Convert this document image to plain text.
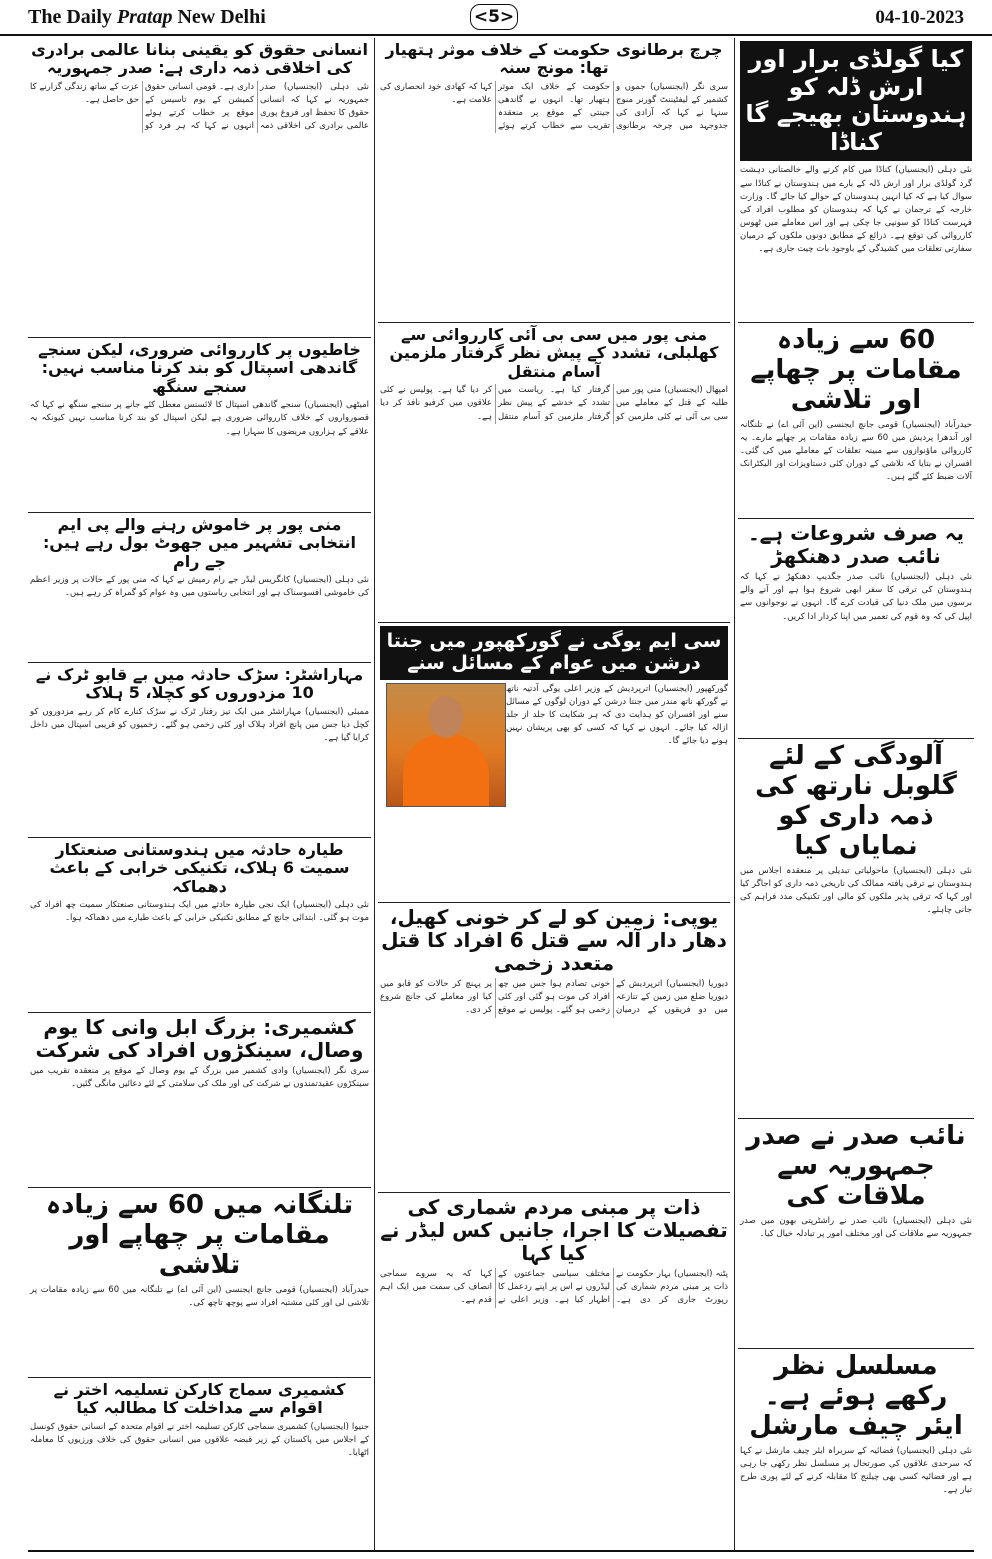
The Daily Pratap New Delhi	<5>	04-10-2023
کیا گولڈی برار اور ارش ڈلہ کو ہندوستان بھیجے گا کناڈا
نئی دہلی (ایجنسیاں) کناڈا میں کام کرنے والے خالصتانی دہشت گرد گولڈی برار اور ارش ڈلہ کے بارے میں ہندوستان نے کناڈا سے سوال کیا ہے کہ کیا انہیں ہندوستان کے حوالے کیا جائے گا۔ وزارت خارجہ کے ترجمان نے کہا کہ ہندوستان کو مطلوب افراد کی فہرست کناڈا کو سونپی جا چکی ہے اور اس معاملے میں ٹھوس کارروائی کی توقع ہے۔ ذرائع کے مطابق دونوں ملکوں کے درمیان سفارتی تعلقات میں کشیدگی کے باوجود بات چیت جاری ہے۔
60 سے زیادہ مقامات پر چھاپے اور تلاشی
حیدرآباد (ایجنسیاں) قومی جانچ ایجنسی (این آئی اے) نے تلنگانہ اور آندھرا پردیش میں 60 سے زیادہ مقامات پر چھاپے مارے۔ یہ کارروائی ماؤنوازوں سے مبینہ تعلقات کے معاملے میں کی گئی۔ افسران نے بتایا کہ تلاشی کے دوران کئی دستاویزات اور الیکٹرانک آلات ضبط کئے گئے ہیں۔
یہ صرف شروعات ہے۔ نائب صدر دھنکھڑ
نئی دہلی (ایجنسیاں) نائب صدر جگدیپ دھنکھڑ نے کہا کہ ہندوستان کی ترقی کا سفر ابھی شروع ہوا ہے اور آنے والے برسوں میں ملک دنیا کی قیادت کرے گا۔ انہوں نے نوجوانوں سے اپیل کی کہ وہ قوم کی تعمیر میں اپنا کردار ادا کریں۔
آلودگی کے لئے گلوبل نارتھ کی ذمہ داری کو نمایاں کیا
نئی دہلی (ایجنسیاں) ماحولیاتی تبدیلی پر منعقدہ اجلاس میں ہندوستان نے ترقی یافتہ ممالک کی تاریخی ذمہ داری کو اجاگر کیا اور کہا کہ ترقی پذیر ملکوں کو مالی اور تکنیکی مدد فراہم کی جانی چاہئے۔
نائب صدر نے صدر جمہوریہ سے ملاقات کی
نئی دہلی (ایجنسیاں) نائب صدر نے راشٹرپتی بھون میں صدر جمہوریہ سے ملاقات کی اور مختلف امور پر تبادلہ خیال کیا۔
مسلسل نظر رکھے ہوئے ہے۔ ایئر چیف مارشل
نئی دہلی (ایجنسیاں) فضائیہ کے سربراہ ایئر چیف مارشل نے کہا کہ سرحدی علاقوں کی صورتحال پر مسلسل نظر رکھی جا رہی ہے اور فضائیہ کسی بھی چیلنج کا مقابلہ کرنے کے لئے پوری طرح تیار ہے۔
چرچ برطانوی حکومت کے خلاف موثر ہتھیار تھا: مونج سنہ
سری نگر (ایجنسیاں) جموں و کشمیر کے لیفٹیننٹ گورنر منوج سنہا نے کہا کہ آزادی کی جدوجہد میں چرخہ برطانوی حکومت کے خلاف ایک موثر ہتھیار تھا۔ انہوں نے گاندھی جینتی کے موقع پر منعقدہ تقریب سے خطاب کرتے ہوئے کہا کہ کھادی خود انحصاری کی علامت ہے۔
منی پور میں سی بی آئی کارروائی سے کھلبلی، تشدد کے پیش نظر گرفتار ملزمین آسام منتقل
امپھال (ایجنسیاں) منی پور میں طلبہ کے قتل کے معاملے میں سی بی آئی نے کئی ملزمین کو گرفتار کیا ہے۔ ریاست میں تشدد کے خدشے کے پیش نظر گرفتار ملزمین کو آسام منتقل کر دیا گیا ہے۔ پولیس نے کئی علاقوں میں کرفیو نافذ کر دیا ہے۔
سی ایم یوگی نے گورکھپور میں جنتا درشن میں عوام کے مسائل سنے
گورکھپور (ایجنسیاں) اترپردیش کے وزیر اعلی یوگی آدتیہ ناتھ نے گورکھ ناتھ مندر میں جنتا درشن کے دوران لوگوں کے مسائل سنے اور افسران کو ہدایت دی کہ ہر شکایت کا جلد از جلد ازالہ کیا جائے۔ انہوں نے کہا کہ کسی کو بھی پریشان نہیں ہونے دیا جائے گا۔
یوپی: زمین کو لے کر خونی کھیل، دھار دار آلہ سے قتل 6 افراد کا قتل متعدد زخمی
دیوریا (ایجنسیاں) اترپردیش کے دیوریا ضلع میں زمین کے تنازعہ میں دو فریقوں کے درمیان خونی تصادم ہوا جس میں چھ افراد کی موت ہو گئی اور کئی زخمی ہو گئے۔ پولیس نے موقع پر پہنچ کر حالات کو قابو میں کیا اور معاملے کی جانچ شروع کر دی۔
ذات پر مبنی مردم شماری کی تفصیلات کا اجرا، جانیں کس لیڈر نے کیا کہا
پٹنہ (ایجنسیاں) بہار حکومت نے ذات پر مبنی مردم شماری کی رپورٹ جاری کر دی ہے۔ مختلف سیاسی جماعتوں کے لیڈروں نے اس پر اپنے ردعمل کا اظہار کیا ہے۔ وزیر اعلی نے کہا کہ یہ سروے سماجی انصاف کی سمت میں ایک اہم قدم ہے۔
انسانی حقوق کو یقینی بنانا عالمی برادری کی اخلاقی ذمہ داری ہے: صدر جمہوریہ
نئی دہلی (ایجنسیاں) صدر جمہوریہ نے کہا کہ انسانی حقوق کا تحفظ اور فروغ پوری عالمی برادری کی اخلاقی ذمہ داری ہے۔ قومی انسانی حقوق کمیشن کے یوم تاسیس کے موقع پر خطاب کرتے ہوئے انہوں نے کہا کہ ہر فرد کو عزت کے ساتھ زندگی گزارنے کا حق حاصل ہے۔
خاطیوں پر کارروائی ضروری، لیکن سنجے گاندھی اسپتال کو بند کرنا مناسب نہیں: سنجے سنگھ
امیٹھی (ایجنسیاں) سنجے گاندھی اسپتال کا لائسنس معطل کئے جانے پر سنجے سنگھ نے کہا کہ قصورواروں کے خلاف کارروائی ضروری ہے لیکن اسپتال کو بند کرنا مناسب نہیں کیونکہ یہ علاقے کے ہزاروں مریضوں کا سہارا ہے۔
منی پور پر خاموش رہنے والے پی ایم انتخابی تشہیر میں جھوٹ بول رہے ہیں: جے رام
نئی دہلی (ایجنسیاں) کانگریس لیڈر جے رام رمیش نے کہا کہ منی پور کے حالات پر وزیر اعظم کی خاموشی افسوسناک ہے اور انتخابی ریاستوں میں وہ عوام کو گمراہ کر رہے ہیں۔
مہاراشٹر: سڑک حادثہ میں بے قابو ٹرک نے 10 مزدوروں کو کچلا، 5 ہلاک
ممبئی (ایجنسیاں) مہاراشٹر میں ایک تیز رفتار ٹرک نے سڑک کنارے کام کر رہے مزدوروں کو کچل دیا جس میں پانچ افراد ہلاک اور کئی زخمی ہو گئے۔ زخمیوں کو قریبی اسپتال میں داخل کرایا گیا ہے۔
طیارہ حادثہ میں ہندوستانی صنعتکار سمیت 6 ہلاک، تکنیکی خرابی کے باعث دھماکہ
نئی دہلی (ایجنسیاں) ایک نجی طیارہ حادثے میں ایک ہندوستانی صنعتکار سمیت چھ افراد کی موت ہو گئی۔ ابتدائی جانچ کے مطابق تکنیکی خرابی کے باعث طیارے میں دھماکہ ہوا۔
کشمیری: بزرگ ابل وانی کا یوم وصال، سینکڑوں افراد کی شرکت
سری نگر (ایجنسیاں) وادی کشمیر میں بزرگ کے یوم وصال کے موقع پر منعقدہ تقریب میں سینکڑوں عقیدتمندوں نے شرکت کی اور ملک کی سلامتی کے لئے دعائیں مانگی گئیں۔
تلنگانہ میں 60 سے زیادہ مقامات پر چھاپے اور تلاشی
حیدرآباد (ایجنسیاں) قومی جانچ ایجنسی (این آئی اے) نے تلنگانہ میں 60 سے زیادہ مقامات پر تلاشی لی اور کئی مشتبہ افراد سے پوچھ تاچھ کی۔
کشمیری سماج کارکن تسلیمہ اختر نے اقوام سے مداخلت کا مطالبہ کیا
جنیوا (ایجنسیاں) کشمیری سماجی کارکن تسلیمہ اختر نے اقوام متحدہ کے انسانی حقوق کونسل کے اجلاس میں پاکستان کے زیر قبضہ علاقوں میں انسانی حقوق کی خلاف ورزیوں کا معاملہ اٹھایا۔
